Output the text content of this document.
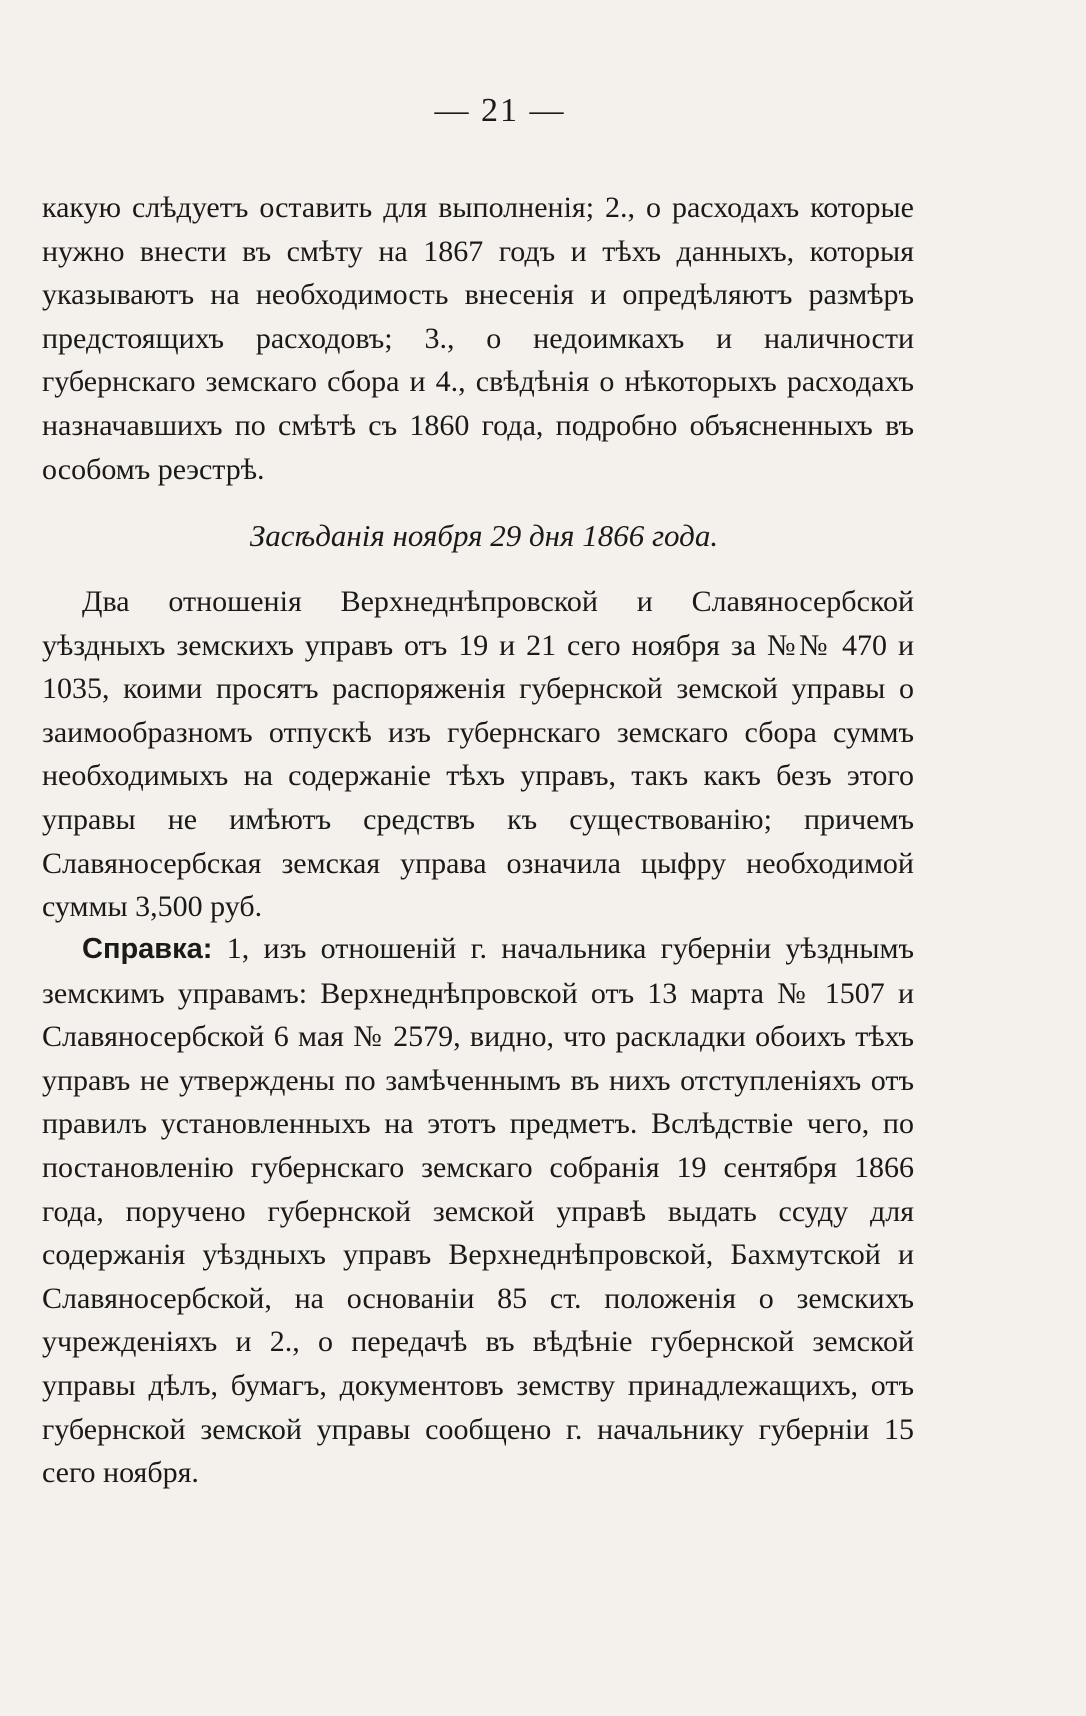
— 21 —

какую слѣдуетъ оставить для выполненія; 2., о расходахъ которые нужно внести въ смѣту на 1867 годъ и тѣхъ данныхъ, которыя указываютъ на необходимость внесенія и опредѣляютъ размѣръ предстоящихъ расходовъ; 3., о недоимкахъ и наличности губернскаго земскаго сбора и 4., свѣдѣнія о нѣкоторыхъ расходахъ назначавшихъ по смѣтѣ съ 1860 года, подробно объясненныхъ въ особомъ реэстрѣ.

Засѣданія ноября 29 дня 1866 года.

Два отношенія Верхнеднѣпровской и Славяносербской уѣздныхъ земскихъ управъ отъ 19 и 21 сего ноября за №№ 470 и 1035, коими просятъ распоряженія губернской земской управы о заимообразномъ отпускѣ изъ губернскаго земскаго сбора суммъ необходимыхъ на содержаніе тѣхъ управъ, такъ какъ безъ этого управы не имѣютъ средствъ къ существованію; причемъ Славяносербская земская управа означила цыфру необходимой суммы 3,500 руб.

Справка: 1, изъ отношеній г. начальника губерніи уѣзднымъ земскимъ управамъ: Верхнеднѣпровской отъ 13 марта № 1507 и Славяносербской 6 мая № 2579, видно, что раскладки обоихъ тѣхъ управъ не утверждены по замѣченнымъ въ нихъ отступленіяхъ отъ правилъ установленныхъ на этотъ предметъ. Вслѣдствіе чего, по постановленію губернскаго земскаго собранія 19 сентября 1866 года, поручено губернской земской управѣ выдать ссуду для содержанія уѣздныхъ управъ Верхнеднѣпровской, Бахмутской и Славяносербской, на основаніи 85 ст. положенія о земскихъ учрежденіяхъ и 2., о передачѣ въ вѣдѣніе губернской земской управы дѣлъ, бумагъ, документовъ земству принадлежащихъ, отъ губернской земской управы сообщено г. начальнику губерніи 15 сего ноября.
